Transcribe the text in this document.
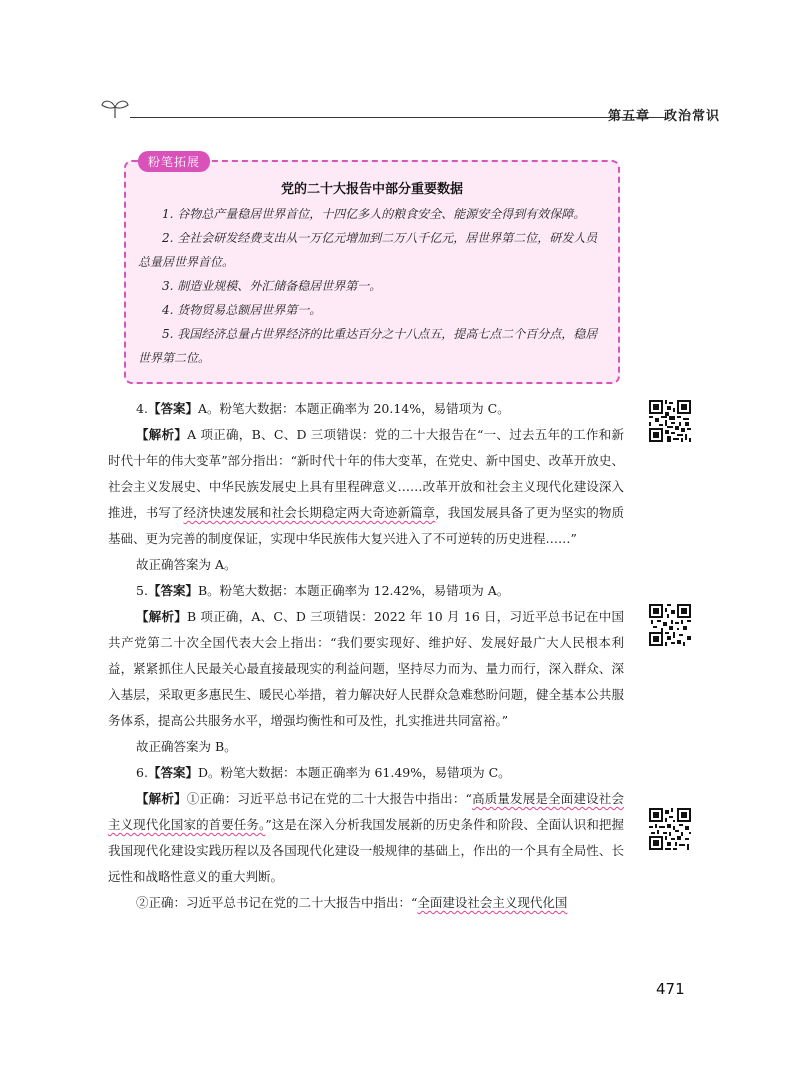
第五章 政治常识
粉笔拓展
党的二十大报告中部分重要数据

1. 谷物总产量稳居世界首位，十四亿多人的粮食安全、能源安全得到有效保障。

2. 全社会研发经费支出从一万亿元增加到二万八千亿元，居世界第二位，研发人员总量居世界首位。

3. 制造业规模、外汇储备稳居世界第一。

4. 货物贸易总额居世界第一。

5. 我国经济总量占世界经济的比重达百分之十八点五，提高七点二个百分点，稳居世界第二位。

4.【答案】A。粉笔大数据：本题正确率为 20.14%，易错项为 C。

【解析】A 项正确，B、C、D 三项错误：党的二十大报告在“一、过去五年的工作和新时代十年的伟大变革”部分指出：“新时代十年的伟大变革，在党史、新中国史、改革开放史、社会主义发展史、中华民族发展史上具有里程碑意义……改革开放和社会主义现代化建设深入推进，书写了经济快速发展和社会长期稳定两大奇迹新篇章，我国发展具备了更为坚实的物质基础、更为完善的制度保证，实现中华民族伟大复兴进入了不可逆转的历史进程……”

故正确答案为 A。

5.【答案】B。粉笔大数据：本题正确率为 12.42%，易错项为 A。

【解析】B 项正确，A、C、D 三项错误：2022 年 10 月 16 日，习近平总书记在中国共产党第二十次全国代表大会上指出：“我们要实现好、维护好、发展好最广大人民根本利益，紧紧抓住人民最关心最直接最现实的利益问题，坚持尽力而为、量力而行，深入群众、深入基层，采取更多惠民生、暖民心举措，着力解决好人民群众急难愁盼问题，健全基本公共服务体系，提高公共服务水平，增强均衡性和可及性，扎实推进共同富裕。”

故正确答案为 B。

6.【答案】D。粉笔大数据：本题正确率为 61.49%，易错项为 C。

【解析】①正确：习近平总书记在党的二十大报告中指出：“高质量发展是全面建设社会主义现代化国家的首要任务。”这是在深入分析我国发展新的历史条件和阶段、全面认识和把握我国现代化建设实践历程以及各国现代化建设一般规律的基础上，作出的一个具有全局性、长远性和战略性意义的重大判断。

②正确：习近平总书记在党的二十大报告中指出：“全面建设社会主义现代化国

471
